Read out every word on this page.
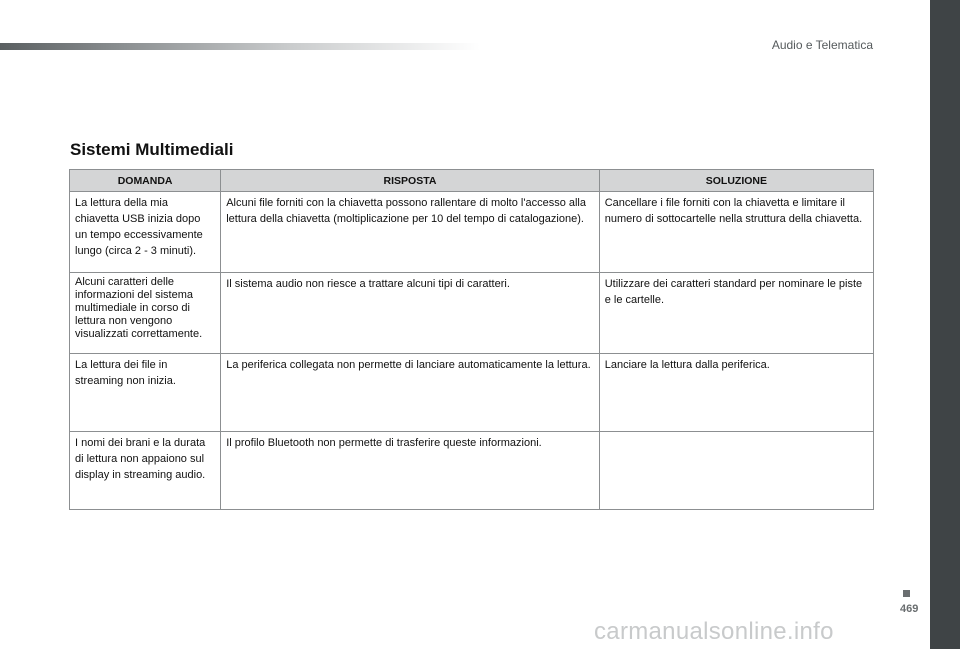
Audio e Telematica
Sistemi Multimediali
DOMANDA	RISPOSTA	SOLUZIONE
La lettura della mia chiavetta USB inizia dopo un tempo eccessivamente lungo (circa 2 - 3 minuti).	Alcuni file forniti con la chiavetta possono rallentare di molto l'accesso alla lettura della chiavetta (moltiplicazione per 10 del tempo di catalogazione).	Cancellare i file forniti con la chiavetta e limitare il numero di sottocartelle nella struttura della chiavetta.
Alcuni caratteri delle informazioni del sistema multimediale in corso di lettura non vengono visualizzati correttamente.	Il sistema audio non riesce a trattare alcuni tipi di caratteri.	Utilizzare dei caratteri standard per nominare le piste e le cartelle.
La lettura dei file in streaming non inizia.	La periferica collegata non permette di lanciare automaticamente la lettura.	Lanciare la lettura dalla periferica.
I nomi dei brani e la durata di lettura non appaiono sul display in streaming audio.	Il profilo Bluetooth non permette di trasferire queste informazioni.	
469
carmanualsonline.info
